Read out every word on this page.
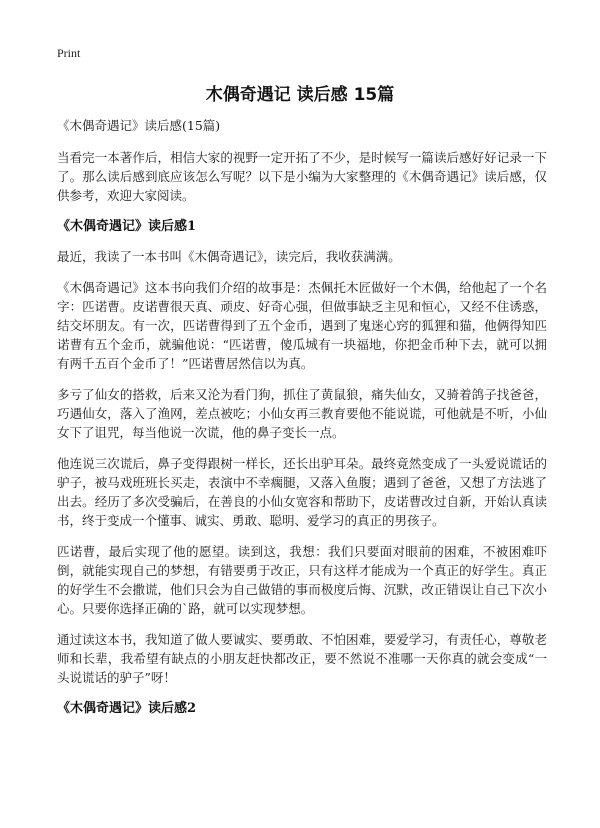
Print
木偶奇遇记 读后感 15篇

《木偶奇遇记》读后感(15篇)

当看完一本著作后，相信大家的视野一定开拓了不少，是时候写一篇读后感好好记录一下了。那么读后感到底应该怎么写呢？以下是小编为大家整理的《木偶奇遇记》读后感，仅供参考，欢迎大家阅读。

《木偶奇遇记》读后感1

最近，我读了一本书叫《木偶奇遇记》，读完后，我收获满满。

《木偶奇遇记》这本书向我们介绍的故事是：杰佩托木匠做好一个木偶，给他起了一个名字：匹诺曹。皮诺曹很天真、顽皮、好奇心强，但做事缺乏主见和恒心，又经不住诱惑，结交坏朋友。有一次，匹诺曹得到了五个金币，遇到了鬼迷心窍的狐狸和猫，他俩得知匹诺曹有五个金币，就骗他说：“匹诺曹，傻瓜城有一块福地，你把金币种下去，就可以拥有两千五百个金币了！”匹诺曹居然信以为真。

多亏了仙女的搭救，后来又沦为看门狗，抓住了黄鼠狼，痛失仙女，又骑着鸽子找爸爸，巧遇仙女，落入了渔网，差点被吃；小仙女再三教育要他不能说谎，可他就是不听，小仙女下了诅咒，每当他说一次谎，他的鼻子变长一点。

他连说三次谎后，鼻子变得跟树一样长，还长出驴耳朵。最终竟然变成了一头爱说谎话的驴子，被马戏班班长买走，表演中不幸瘸腿，又落入鱼腹；遇到了爸爸，又想了方法逃了出去。经历了多次受骗后，在善良的小仙女宽容和帮助下，皮诺曹改过自新，开始认真读书，终于变成一个懂事、诚实、勇敢、聪明、爱学习的真正的男孩子。

匹诺曹，最后实现了他的愿望。读到这，我想：我们只要面对眼前的困难，不被困难吓倒，就能实现自己的梦想，有错要勇于改正，只有这样才能成为一个真正的好学生。真正的好学生不会撒谎，他们只会为自己做错的事而极度后悔、沉默，改正错误让自己下次小心。只要你选择正确的`路，就可以实现梦想。

通过读这本书，我知道了做人要诚实、要勇敢、不怕困难，要爱学习，有责任心，尊敬老师和长辈，我希望有缺点的小朋友赶快都改正，要不然说不准哪一天你真的就会变成“一头说谎话的驴子”呀！

《木偶奇遇记》读后感2
